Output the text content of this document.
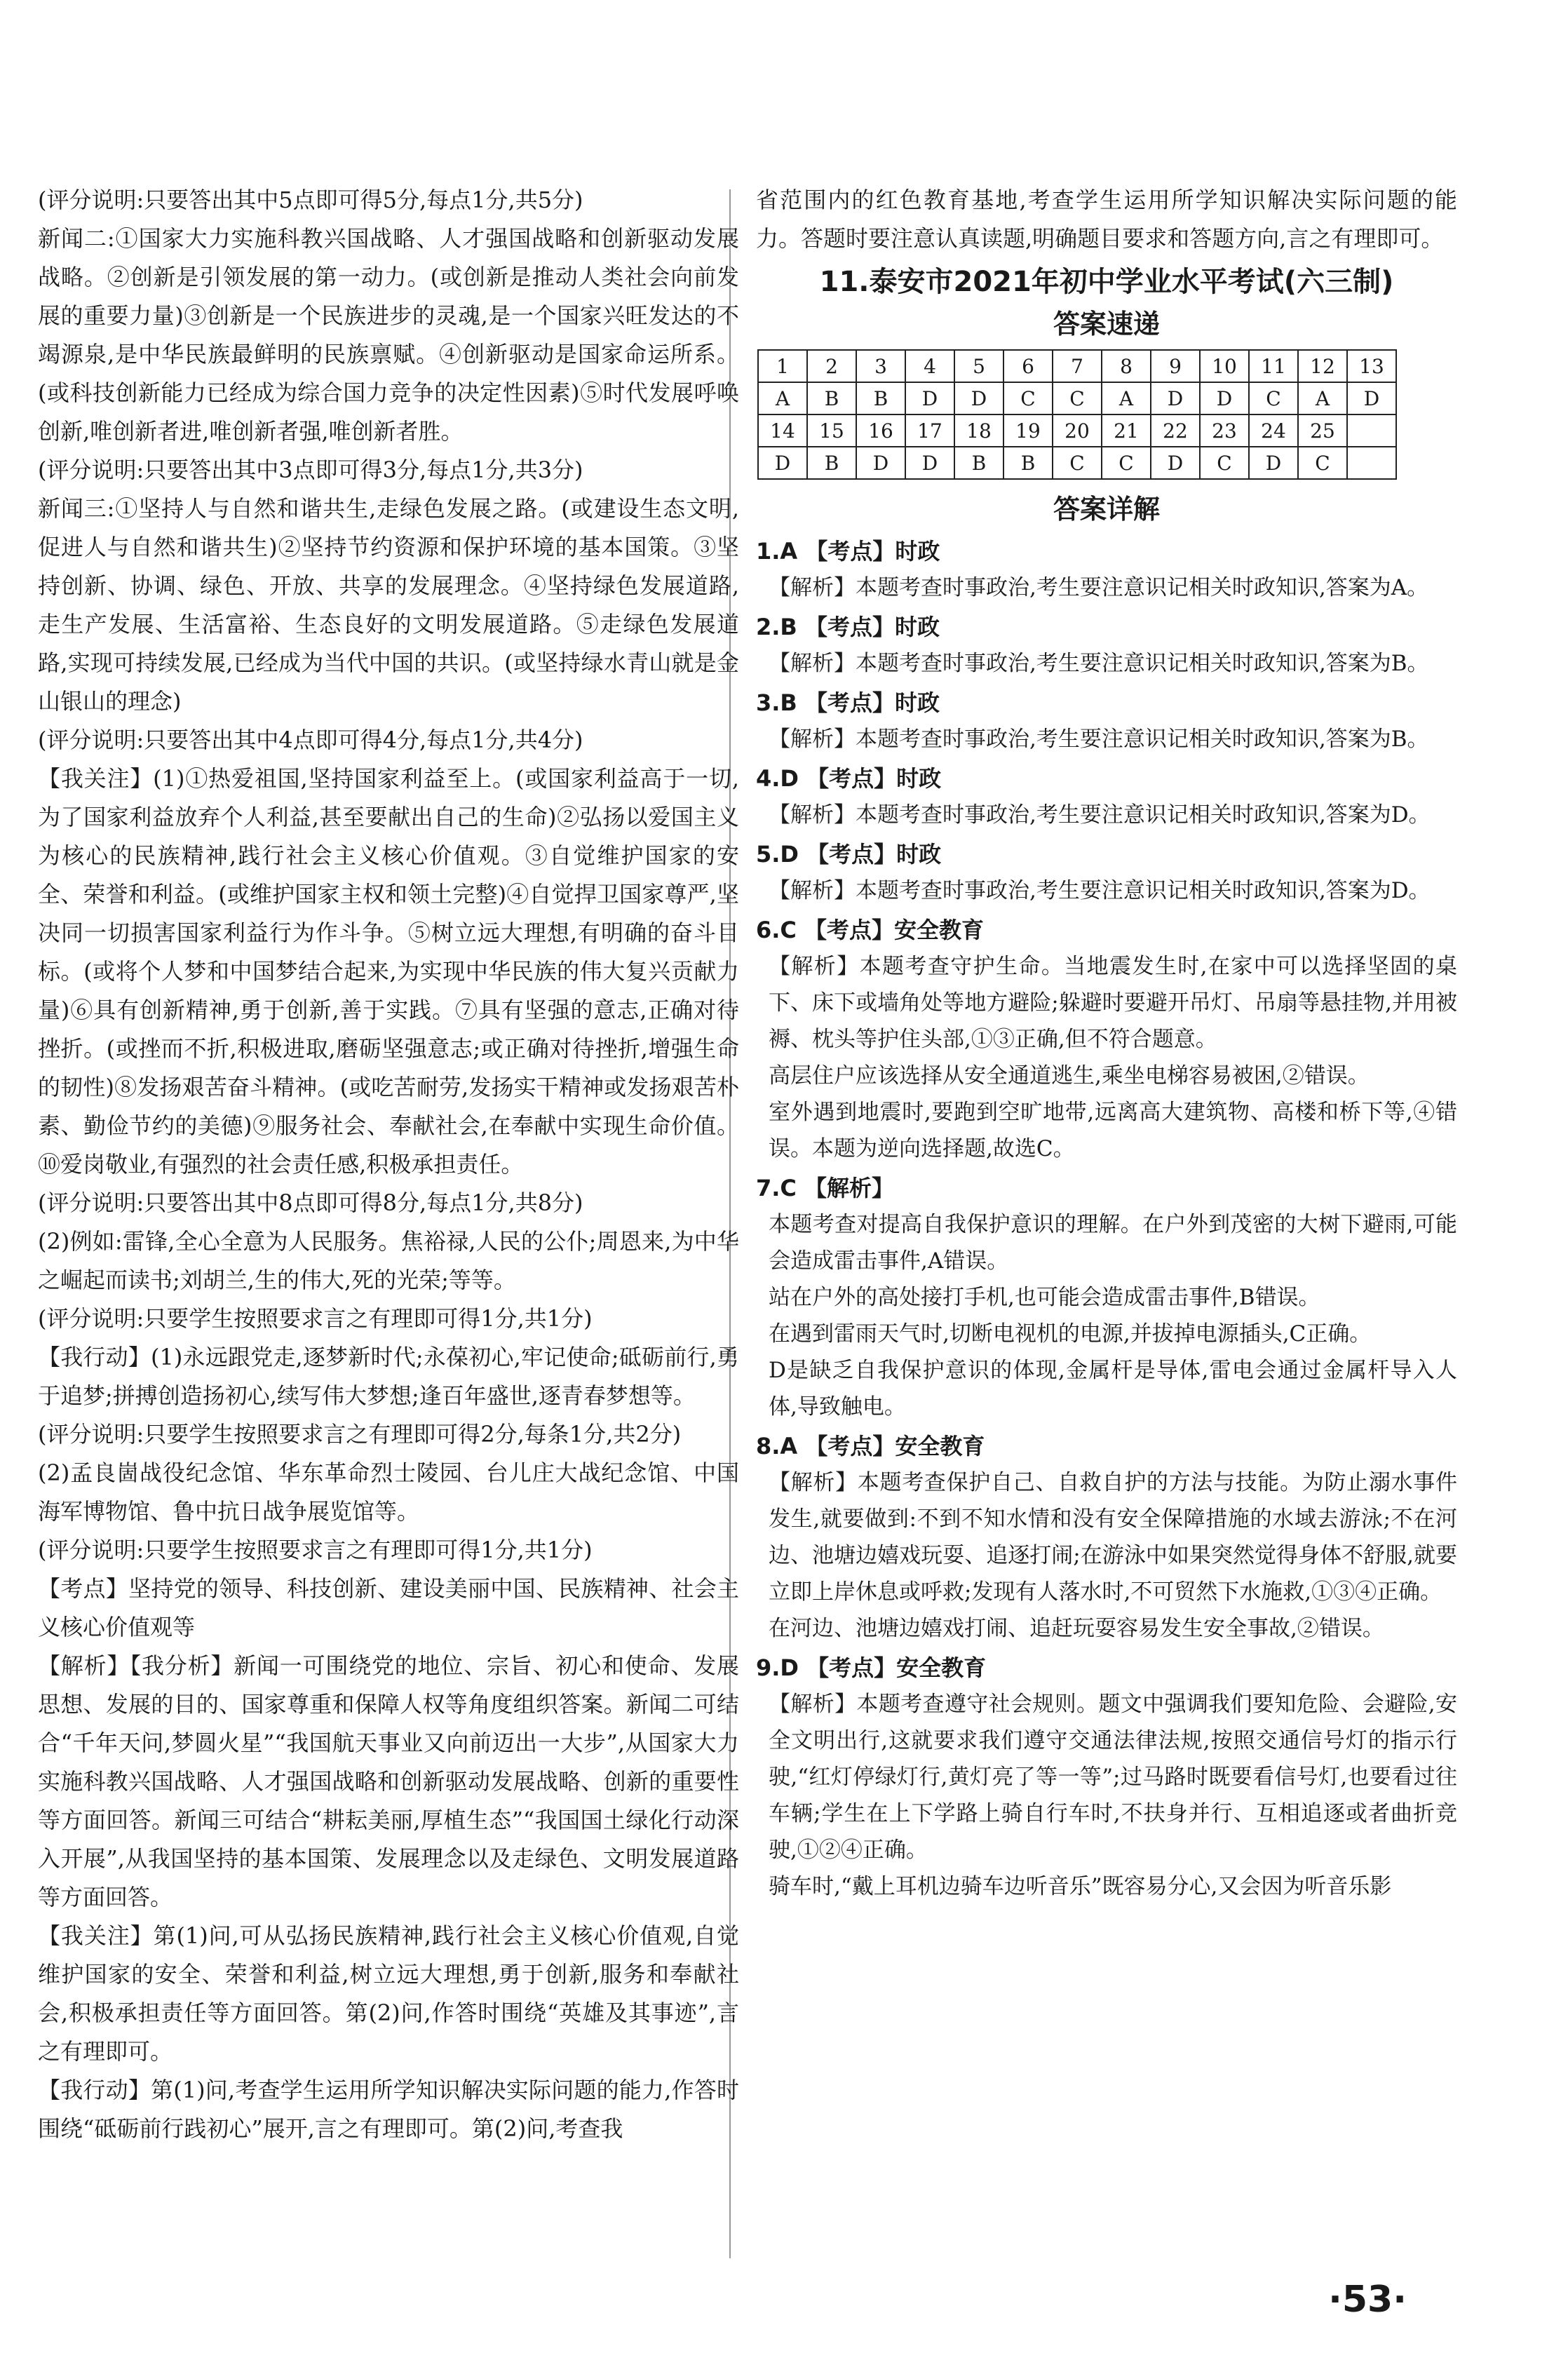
(评分说明:只要答出其中5点即可得5分,每点1分,共5分)

新闻二:①国家大力实施科教兴国战略、人才强国战略和创新驱动发展战略。②创新是引领发展的第一动力。(或创新是推动人类社会向前发展的重要力量)③创新是一个民族进步的灵魂,是一个国家兴旺发达的不竭源泉,是中华民族最鲜明的民族禀赋。④创新驱动是国家命运所系。(或科技创新能力已经成为综合国力竞争的决定性因素)⑤时代发展呼唤创新,唯创新者进,唯创新者强,唯创新者胜。

(评分说明:只要答出其中3点即可得3分,每点1分,共3分)

新闻三:①坚持人与自然和谐共生,走绿色发展之路。(或建设生态文明,促进人与自然和谐共生)②坚持节约资源和保护环境的基本国策。③坚持创新、协调、绿色、开放、共享的发展理念。④坚持绿色发展道路,走生产发展、生活富裕、生态良好的文明发展道路。⑤走绿色发展道路,实现可持续发展,已经成为当代中国的共识。(或坚持绿水青山就是金山银山的理念)

(评分说明:只要答出其中4点即可得4分,每点1分,共4分)

【我关注】(1)①热爱祖国,坚持国家利益至上。(或国家利益高于一切,为了国家利益放弃个人利益,甚至要献出自己的生命)②弘扬以爱国主义为核心的民族精神,践行社会主义核心价值观。③自觉维护国家的安全、荣誉和利益。(或维护国家主权和领土完整)④自觉捍卫国家尊严,坚决同一切损害国家利益行为作斗争。⑤树立远大理想,有明确的奋斗目标。(或将个人梦和中国梦结合起来,为实现中华民族的伟大复兴贡献力量)⑥具有创新精神,勇于创新,善于实践。⑦具有坚强的意志,正确对待挫折。(或挫而不折,积极进取,磨砺坚强意志;或正确对待挫折,增强生命的韧性)⑧发扬艰苦奋斗精神。(或吃苦耐劳,发扬实干精神或发扬艰苦朴素、勤俭节约的美德)⑨服务社会、奉献社会,在奉献中实现生命价值。⑩爱岗敬业,有强烈的社会责任感,积极承担责任。

(评分说明:只要答出其中8点即可得8分,每点1分,共8分)

(2)例如:雷锋,全心全意为人民服务。焦裕禄,人民的公仆;周恩来,为中华之崛起而读书;刘胡兰,生的伟大,死的光荣;等等。

(评分说明:只要学生按照要求言之有理即可得1分,共1分)

【我行动】(1)永远跟党走,逐梦新时代;永葆初心,牢记使命;砥砺前行,勇于追梦;拼搏创造扬初心,续写伟大梦想;逢百年盛世,逐青春梦想等。

(评分说明:只要学生按照要求言之有理即可得2分,每条1分,共2分)

(2)孟良崮战役纪念馆、华东革命烈士陵园、台儿庄大战纪念馆、中国海军博物馆、鲁中抗日战争展览馆等。

(评分说明:只要学生按照要求言之有理即可得1分,共1分)

【考点】坚持党的领导、科技创新、建设美丽中国、民族精神、社会主义核心价值观等

【解析】【我分析】新闻一可围绕党的地位、宗旨、初心和使命、发展思想、发展的目的、国家尊重和保障人权等角度组织答案。新闻二可结合“千年天问,梦圆火星”“我国航天事业又向前迈出一大步”,从国家大力实施科教兴国战略、人才强国战略和创新驱动发展战略、创新的重要性等方面回答。新闻三可结合“耕耘美丽,厚植生态”“我国国土绿化行动深入开展”,从我国坚持的基本国策、发展理念以及走绿色、文明发展道路等方面回答。

【我关注】第(1)问,可从弘扬民族精神,践行社会主义核心价值观,自觉维护国家的安全、荣誉和利益,树立远大理想,勇于创新,服务和奉献社会,积极承担责任等方面回答。第(2)问,作答时围绕“英雄及其事迹”,言之有理即可。

【我行动】第(1)问,考查学生运用所学知识解决实际问题的能力,作答时围绕“砥砺前行践初心”展开,言之有理即可。第(2)问,考查我

省范围内的红色教育基地,考查学生运用所学知识解决实际问题的能力。答题时要注意认真读题,明确题目要求和答题方向,言之有理即可。

11.泰安市2021年初中学业水平考试(六三制)

答案速递

1	2	3	4	5	6	7	8	9	10	11	12	13
A	B	B	D	D	C	C	A	D	D	C	A	D
14	15	16	17	18	19	20	21	22	23	24	25	
D	B	D	D	B	B	C	C	D	C	D	C	

答案详解

1.A 【考点】时政

【解析】本题考查时事政治,考生要注意识记相关时政知识,答案为A。

2.B 【考点】时政

【解析】本题考查时事政治,考生要注意识记相关时政知识,答案为B。

3.B 【考点】时政

【解析】本题考查时事政治,考生要注意识记相关时政知识,答案为B。

4.D 【考点】时政

【解析】本题考查时事政治,考生要注意识记相关时政知识,答案为D。

5.D 【考点】时政

【解析】本题考查时事政治,考生要注意识记相关时政知识,答案为D。

6.C 【考点】安全教育

【解析】本题考查守护生命。当地震发生时,在家中可以选择坚固的桌下、床下或墙角处等地方避险;躲避时要避开吊灯、吊扇等悬挂物,并用被褥、枕头等护住头部,①③正确,但不符合题意。

高层住户应该选择从安全通道逃生,乘坐电梯容易被困,②错误。

室外遇到地震时,要跑到空旷地带,远离高大建筑物、高楼和桥下等,④错误。本题为逆向选择题,故选C。

7.C 【解析】

本题考查对提高自我保护意识的理解。在户外到茂密的大树下避雨,可能会造成雷击事件,A错误。

站在户外的高处接打手机,也可能会造成雷击事件,B错误。

在遇到雷雨天气时,切断电视机的电源,并拔掉电源插头,C正确。

D是缺乏自我保护意识的体现,金属杆是导体,雷电会通过金属杆导入人体,导致触电。

8.A 【考点】安全教育

【解析】本题考查保护自己、自救自护的方法与技能。为防止溺水事件发生,就要做到:不到不知水情和没有安全保障措施的水域去游泳;不在河边、池塘边嬉戏玩耍、追逐打闹;在游泳中如果突然觉得身体不舒服,就要立即上岸休息或呼救;发现有人落水时,不可贸然下水施救,①③④正确。

在河边、池塘边嬉戏打闹、追赶玩耍容易发生安全事故,②错误。

9.D 【考点】安全教育

【解析】本题考查遵守社会规则。题文中强调我们要知危险、会避险,安全文明出行,这就要求我们遵守交通法律法规,按照交通信号灯的指示行驶,“红灯停绿灯行,黄灯亮了等一等”;过马路时既要看信号灯,也要看过往车辆;学生在上下学路上骑自行车时,不扶身并行、互相追逐或者曲折竞驶,①②④正确。

骑车时,“戴上耳机边骑车边听音乐”既容易分心,又会因为听音乐影

·53·
